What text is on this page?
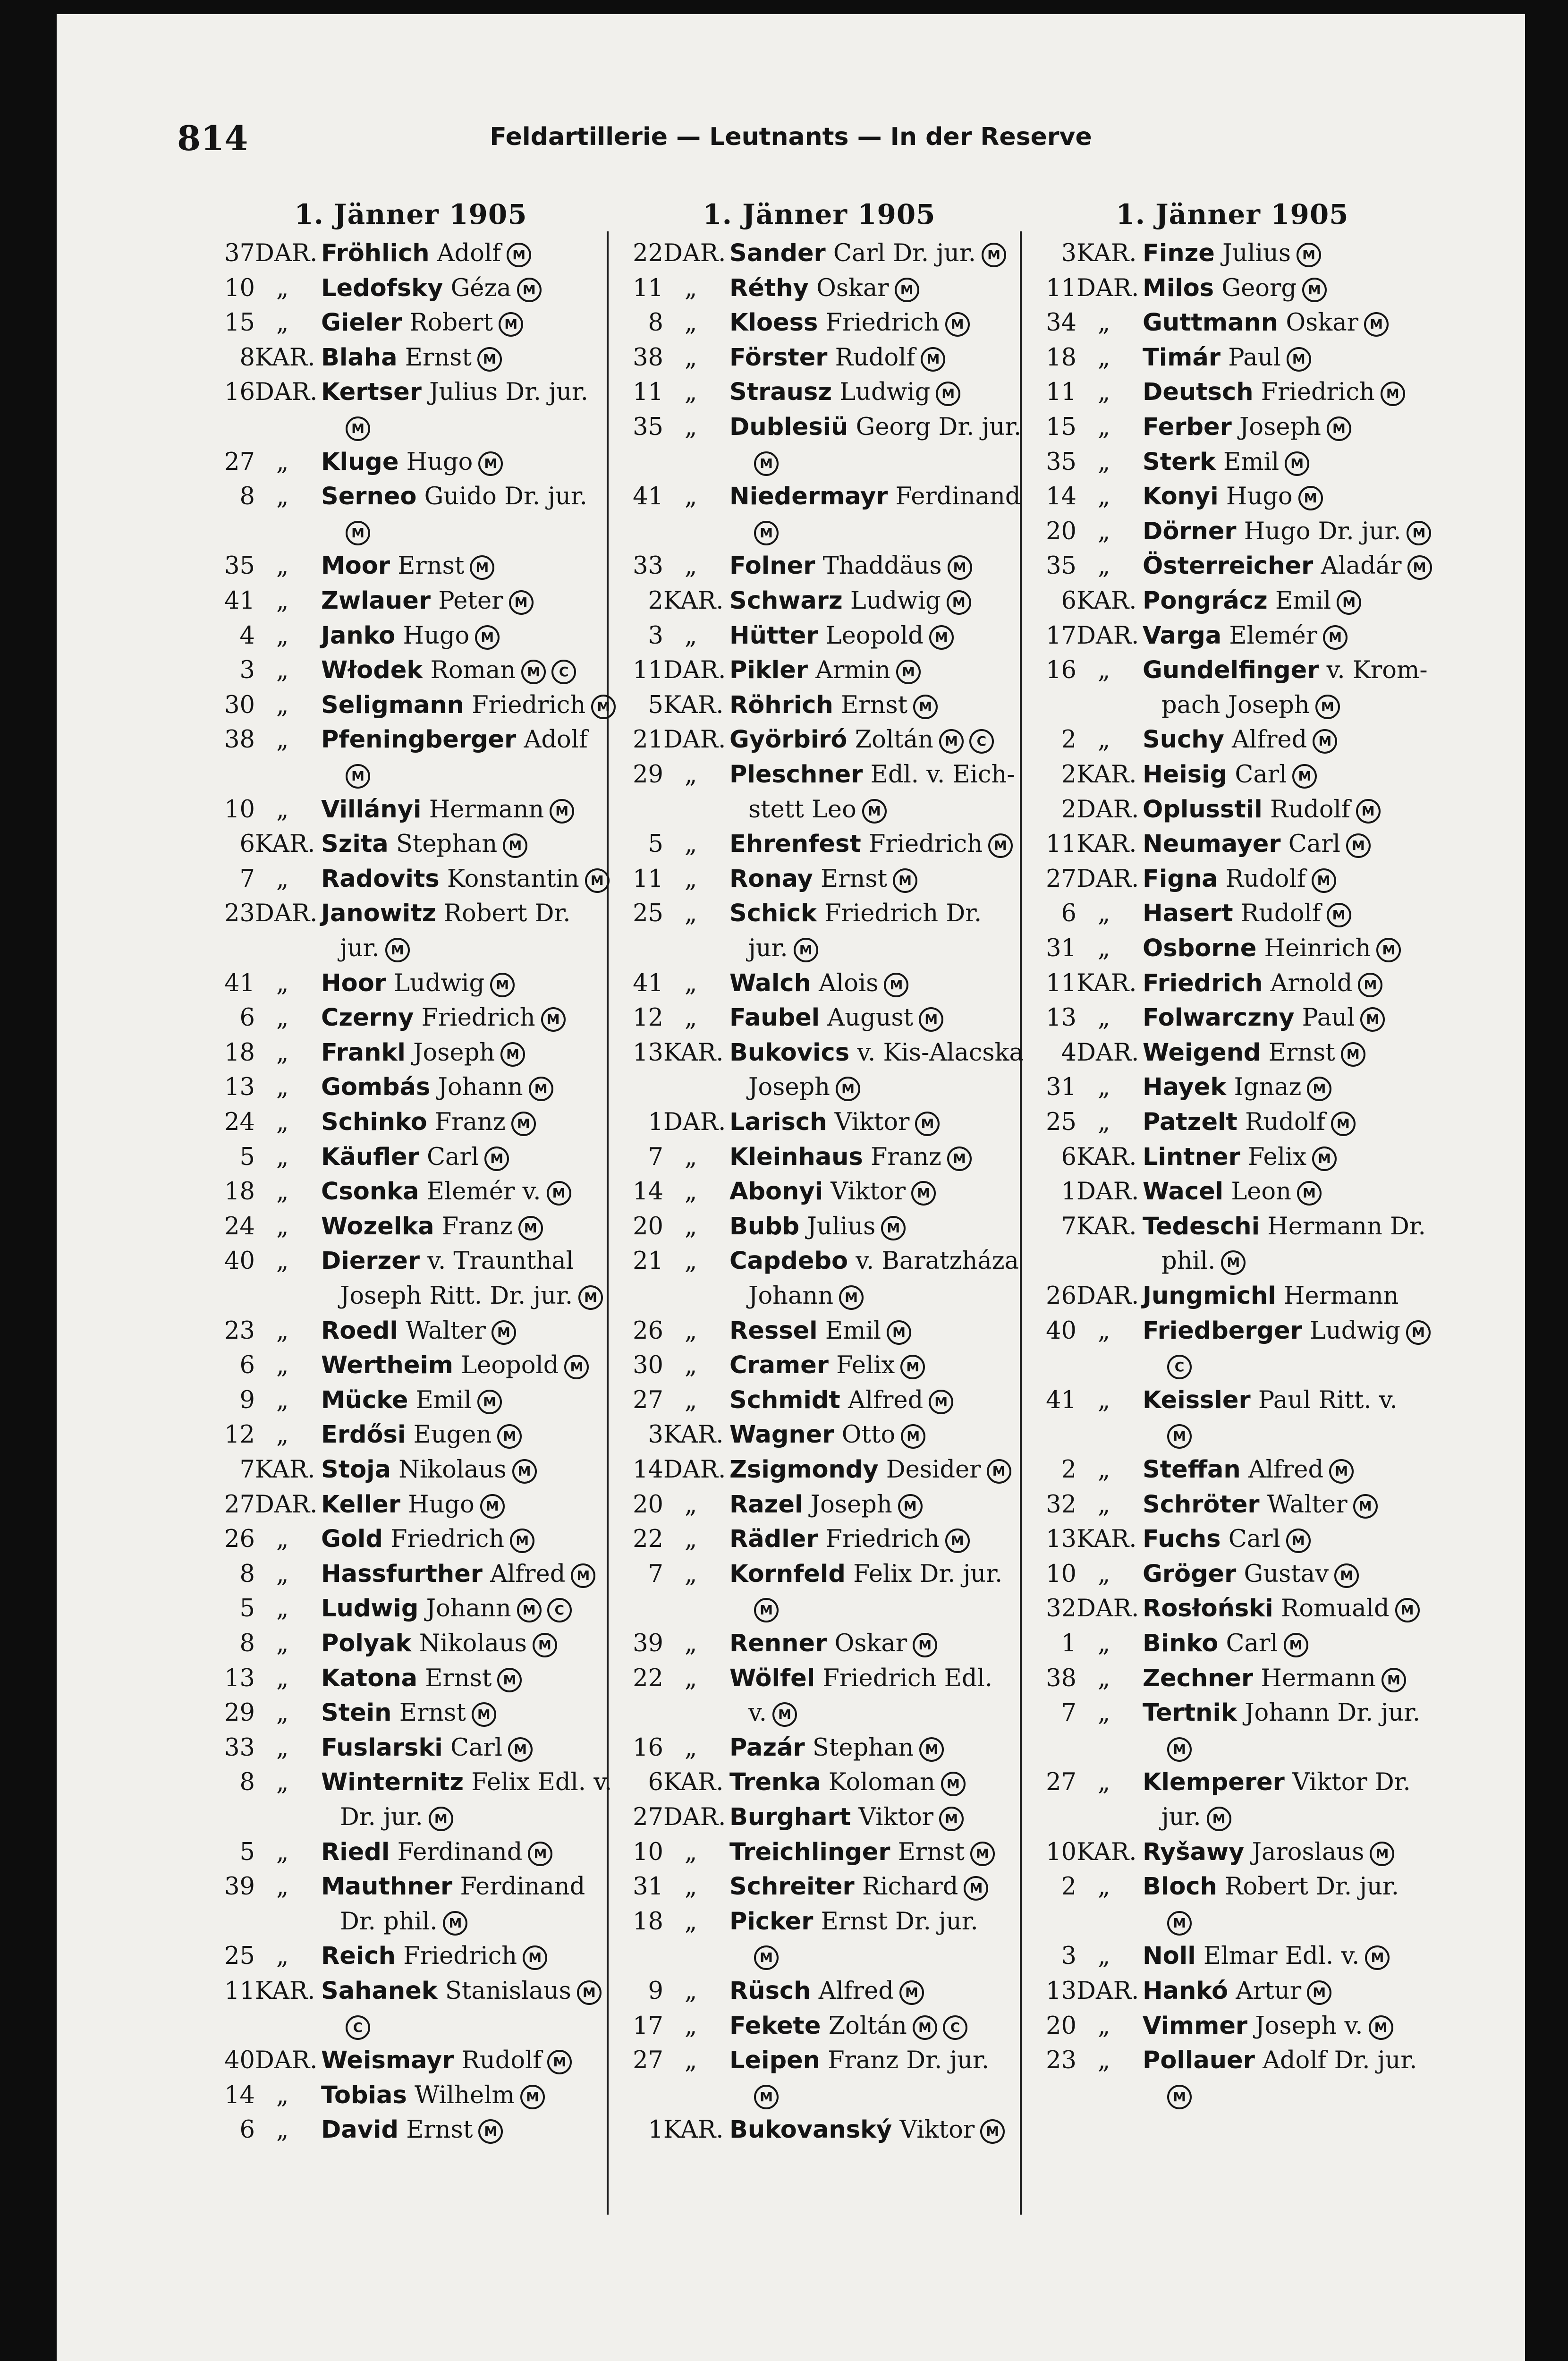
814	Feldartillerie — Leutnants — In der Reserve
1. Jänner 1905
37 DAR. Fröhlich Adolf M
10 „ Ledofsky Géza M
15 „ Gieler Robert M
8 KAR. Blaha Ernst M
16 DAR. Kertser Julius Dr. jur.
M
27 „ Kluge Hugo M
8 „ Serneo Guido Dr. jur.
M
35 „ Moor Ernst M
41 „ Zwlauer Peter M
4 „ Janko Hugo M
3 „ Włodek Roman M C
30 „ Seligmann Friedrich M
38 „ Pfeningberger Adolf
M
10 „ Villányi Hermann M
6 KAR. Szita Stephan M
7 „ Radovits Konstantin M
23 DAR. Janowitz Robert Dr.
jur. M
41 „ Hoor Ludwig M
6 „ Czerny Friedrich M
18 „ Frankl Joseph M
13 „ Gombás Johann M
24 „ Schinko Franz M
5 „ Käufler Carl M
18 „ Csonka Elemér v. M
24 „ Wozelka Franz M
40 „ Dierzer v. Traunthal
Joseph Ritt. Dr. jur. M
23 „ Roedl Walter M
6 „ Wertheim Leopold M
9 „ Mücke Emil M
12 „ Erdősi Eugen M
7 KAR. Stoja Nikolaus M
27 DAR. Keller Hugo M
26 „ Gold Friedrich M
8 „ Hassfurther Alfred M
5 „ Ludwig Johann M C
8 „ Polyak Nikolaus M
13 „ Katona Ernst M
29 „ Stein Ernst M
33 „ Fuslarski Carl M
8 „ Winternitz Felix Edl. v.
Dr. jur. M
5 „ Riedl Ferdinand M
39 „ Mauthner Ferdinand
Dr. phil. M
25 „ Reich Friedrich M
11 KAR. Sahanek Stanislaus M
C
40 DAR. Weismayr Rudolf M
14 „ Tobias Wilhelm M
6 „ David Ernst M
1. Jänner 1905
22 DAR. Sander Carl Dr. jur. M
11 „ Réthy Oskar M
8 „ Kloess Friedrich M
38 „ Förster Rudolf M
11 „ Strausz Ludwig M
35 „ Dublesiü Georg Dr. jur.
M
41 „ Niedermayr Ferdinand
M
33 „ Folner Thaddäus M
2 KAR. Schwarz Ludwig M
3 „ Hütter Leopold M
11 DAR. Pikler Armin M
5 KAR. Röhrich Ernst M
21 DAR. Györbiró Zoltán M C
29 „ Pleschner Edl. v. Eich-
stett Leo M
5 „ Ehrenfest Friedrich M
11 „ Ronay Ernst M
25 „ Schick Friedrich Dr.
jur. M
41 „ Walch Alois M
12 „ Faubel August M
13 KAR. Bukovics v. Kis-Alacska
Joseph M
1 DAR. Larisch Viktor M
7 „ Kleinhaus Franz M
14 „ Abonyi Viktor M
20 „ Bubb Julius M
21 „ Capdebo v. Baratzháza
Johann M
26 „ Ressel Emil M
30 „ Cramer Felix M
27 „ Schmidt Alfred M
3 KAR. Wagner Otto M
14 DAR. Zsigmondy Desider M
20 „ Razel Joseph M
22 „ Rädler Friedrich M
7 „ Kornfeld Felix Dr. jur.
M
39 „ Renner Oskar M
22 „ Wölfel Friedrich Edl.
v. M
16 „ Pazár Stephan M
6 KAR. Trenka Koloman M
27 DAR. Burghart Viktor M
10 „ Treichlinger Ernst M
31 „ Schreiter Richard M
18 „ Picker Ernst Dr. jur.
M
9 „ Rüsch Alfred M
17 „ Fekete Zoltán M C
27 „ Leipen Franz Dr. jur.
M
1 KAR. Bukovanský Viktor M
1. Jänner 1905
3 KAR. Finze Julius M
11 DAR. Milos Georg M
34 „ Guttmann Oskar M
18 „ Timár Paul M
11 „ Deutsch Friedrich M
15 „ Ferber Joseph M
35 „ Sterk Emil M
14 „ Konyi Hugo M
20 „ Dörner Hugo Dr. jur. M
35 „ Österreicher Aladár M
6 KAR. Pongrácz Emil M
17 DAR. Varga Elemér M
16 „ Gundelfinger v. Krom-
pach Joseph M
2 „ Suchy Alfred M
2 KAR. Heisig Carl M
2 DAR. Oplusstil Rudolf M
11 KAR. Neumayer Carl M
27 DAR. Figna Rudolf M
6 „ Hasert Rudolf M
31 „ Osborne Heinrich M
11 KAR. Friedrich Arnold M
13 „ Folwarczny Paul M
4 DAR. Weigend Ernst M
31 „ Hayek Ignaz M
25 „ Patzelt Rudolf M
6 KAR. Lintner Felix M
1 DAR. Wacel Leon M
7 KAR. Tedeschi Hermann Dr.
phil. M
26 DAR. Jungmichl Hermann
40 „ Friedberger Ludwig M
C
41 „ Keissler Paul Ritt. v.
M
2 „ Steffan Alfred M
32 „ Schröter Walter M
13 KAR. Fuchs Carl M
10 „ Gröger Gustav M
32 DAR. Rosłoński Romuald M
1 „ Binko Carl M
38 „ Zechner Hermann M
7 „ Tertnik Johann Dr. jur.
M
27 „ Klemperer Viktor Dr.
jur. M
10 KAR. Ryšawy Jaroslaus M
2 „ Bloch Robert Dr. jur.
M
3 „ Noll Elmar Edl. v. M
13 DAR. Hankó Artur M
20 „ Vimmer Joseph v. M
23 „ Pollauer Adolf Dr. jur.
M
